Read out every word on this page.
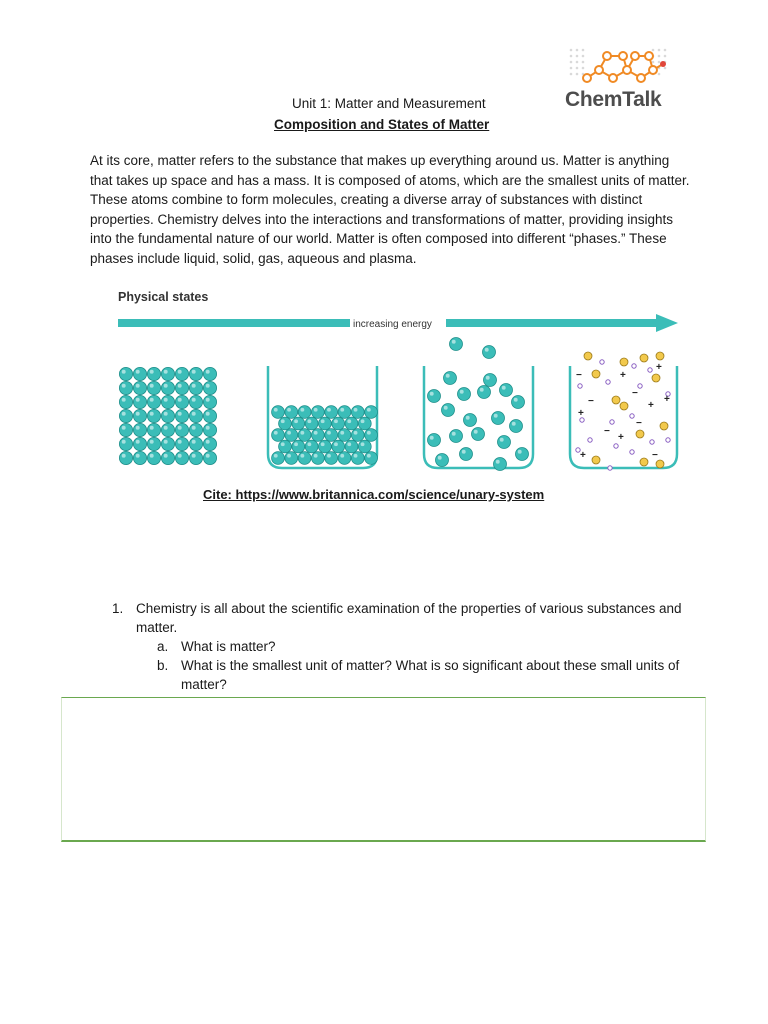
ChemTalk
Unit 1: Matter and Measurement
Composition and States of Matter

At its core, matter refers to the substance that makes up everything around us. Matter is anything that takes up space and has a mass. It is composed of atoms, which are the smallest units of matter. These atoms combine to form molecules, creating a diverse array of substances with distinct properties. Chemistry delves into the interactions and transformations of matter, providing insights into the fundamental nature of our world. Matter is often composed into different “phases.” These phases include liquid, solid, gas, aqueous and plasma.

Physical states
increasing energy
−	+
+
−
+
−
+
−
+
−
+	−
+
Cite: https://www.britannica.com/science/unary-system
1. Chemistry is all about the scientific examination of the properties of various substances and matter.
a. What is matter?
b. What is the smallest unit of matter? What is so significant about these small units of matter?
